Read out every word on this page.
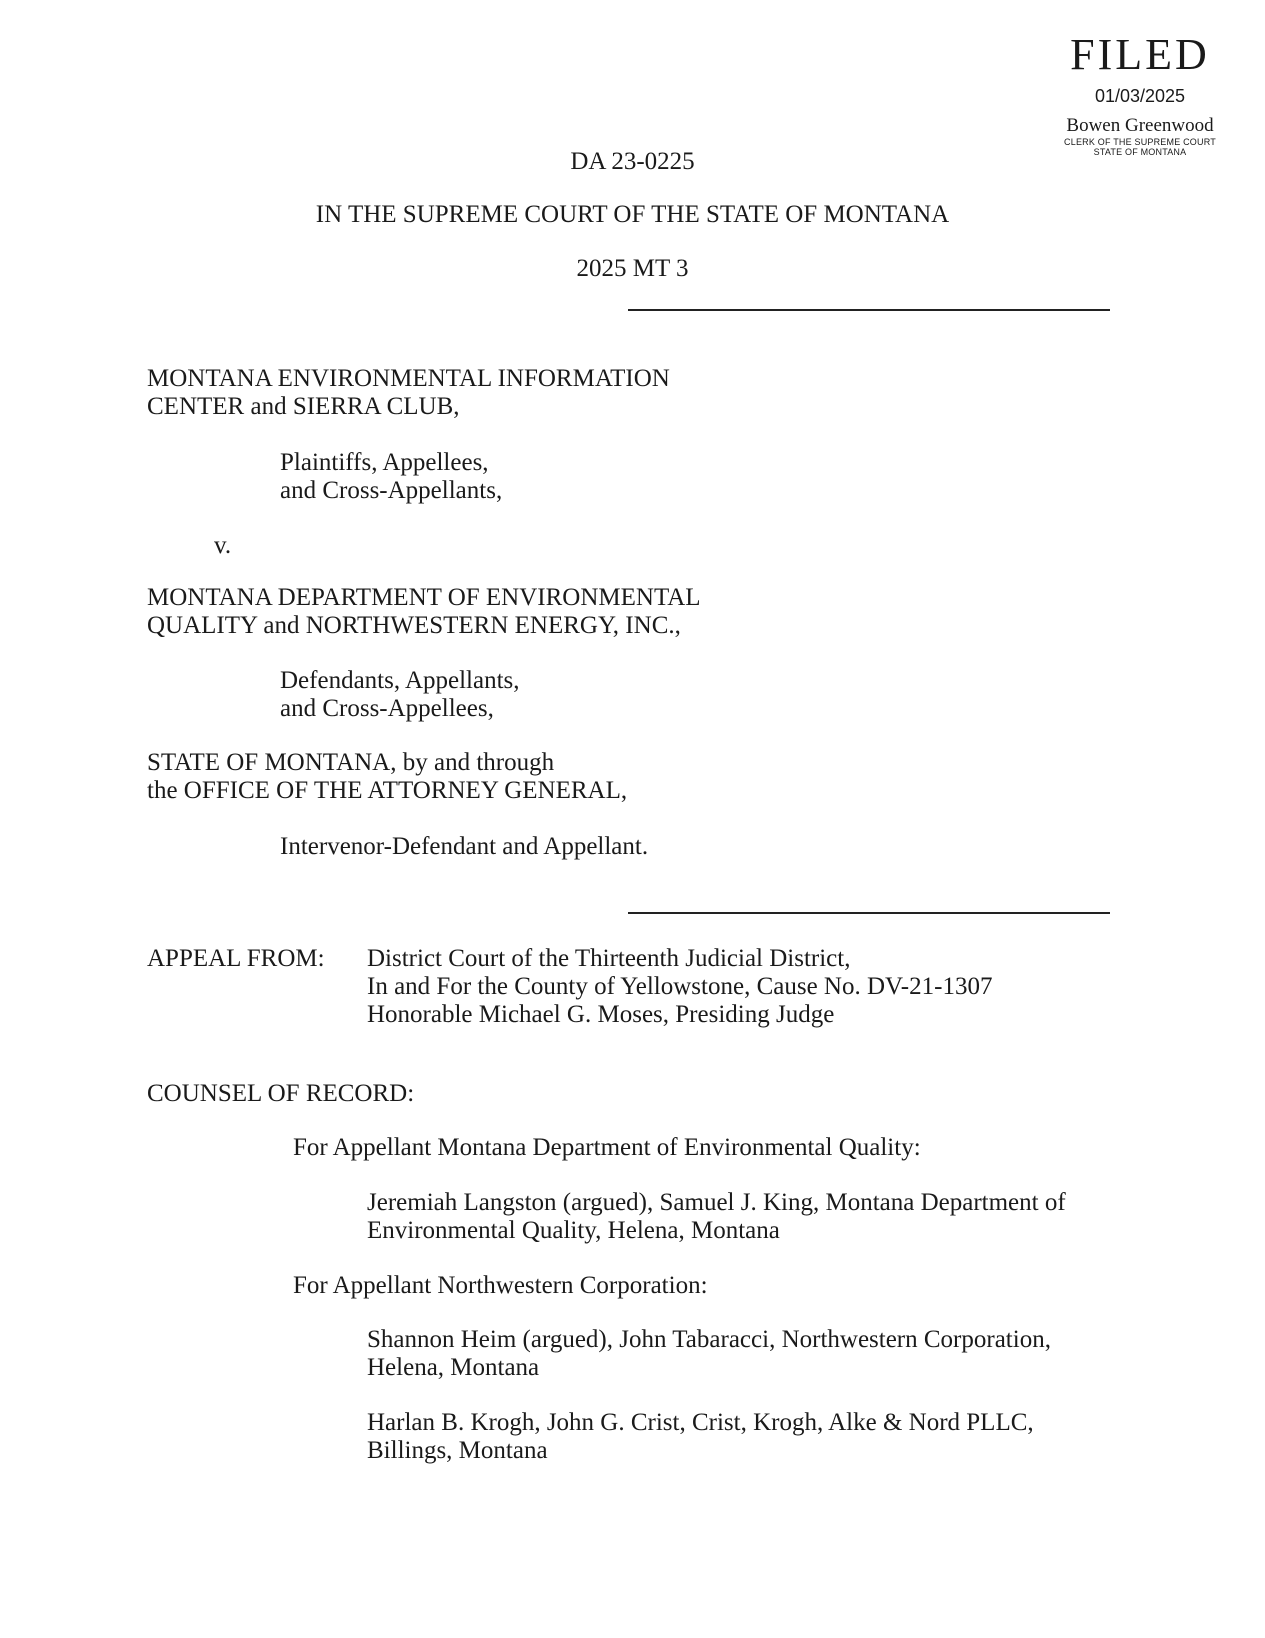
FILED
01/03/2025
Bowen Greenwood
CLERK OF THE SUPREME COURT
STATE OF MONTANA
DA 23-0225
IN THE SUPREME COURT OF THE STATE OF MONTANA
2025 MT 3
MONTANA ENVIRONMENTAL INFORMATION
CENTER and SIERRA CLUB,
Plaintiffs, Appellees,
and Cross-Appellants,
v.
MONTANA DEPARTMENT OF ENVIRONMENTAL
QUALITY and NORTHWESTERN ENERGY, INC.,
Defendants, Appellants,
and Cross-Appellees,
STATE OF MONTANA, by and through
the OFFICE OF THE ATTORNEY GENERAL,
Intervenor-Defendant and Appellant.
APPEAL FROM: District Court of the Thirteenth Judicial District,
In and For the County of Yellowstone, Cause No. DV-21-1307
Honorable Michael G. Moses, Presiding Judge
COUNSEL OF RECORD:
For Appellant Montana Department of Environmental Quality:
Jeremiah Langston (argued), Samuel J. King, Montana Department of
Environmental Quality, Helena, Montana
For Appellant Northwestern Corporation:
Shannon Heim (argued), John Tabaracci, Northwestern Corporation,
Helena, Montana
Harlan B. Krogh, John G. Crist, Crist, Krogh, Alke & Nord PLLC,
Billings, Montana
